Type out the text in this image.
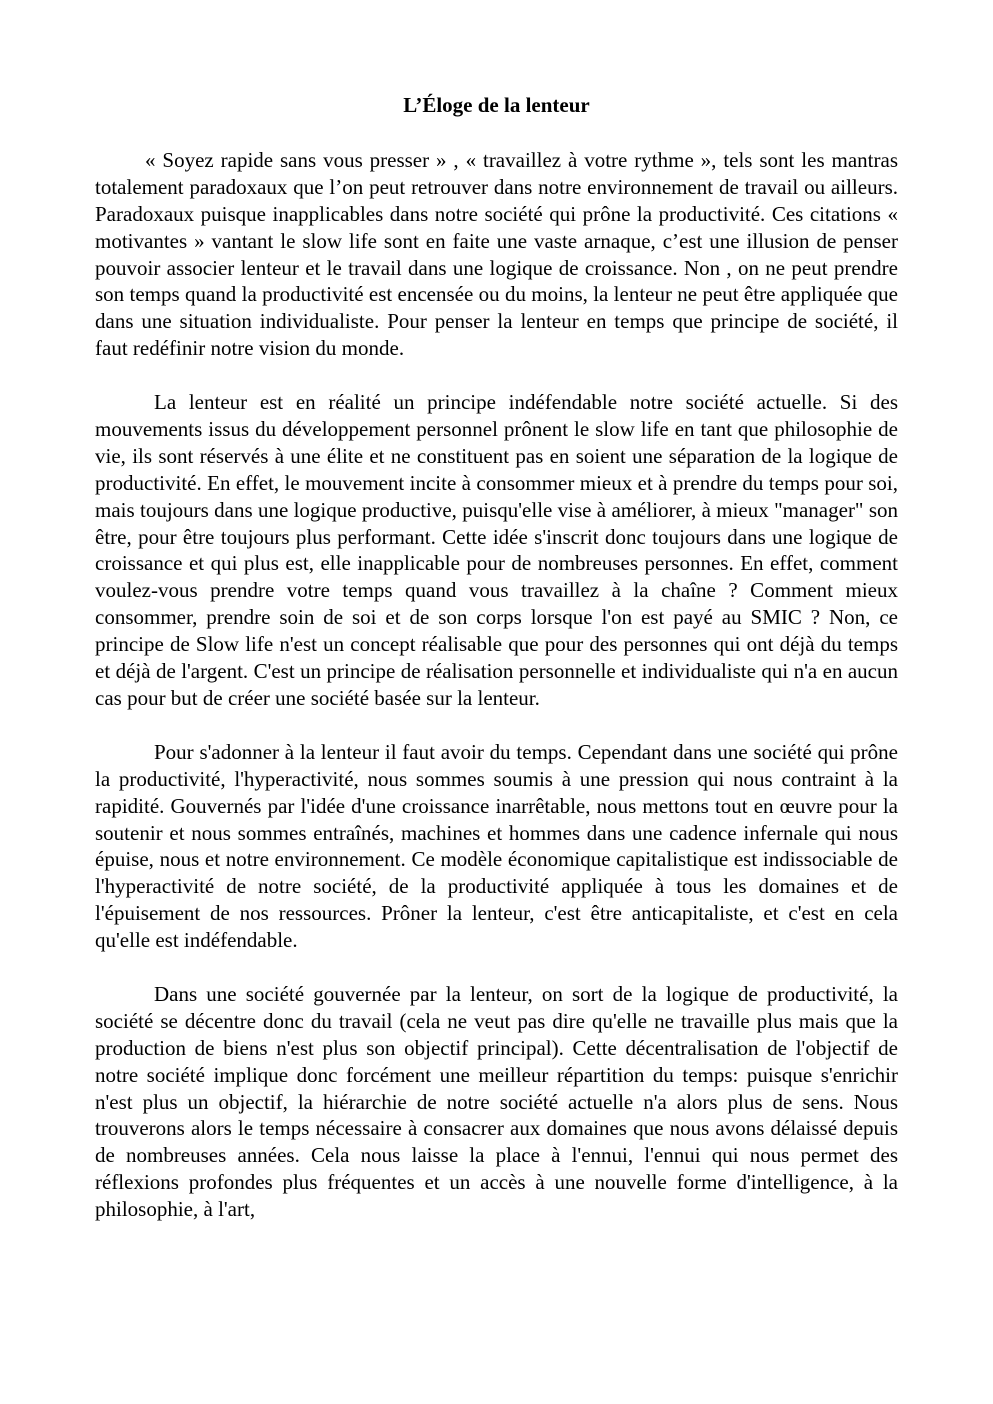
L’Éloge de la lenteur

« Soyez rapide sans vous presser » , « travaillez à votre rythme », tels sont les mantras totalement paradoxaux que l’on peut retrouver dans notre environnement de travail ou ailleurs. Paradoxaux puisque inapplicables dans notre société qui prône la productivité. Ces citations « motivantes » vantant le slow life sont en faite une vaste arnaque, c’est une illusion de penser pouvoir associer lenteur et le travail dans une logique de croissance. Non , on ne peut prendre son temps quand la productivité est encensée ou du moins, la lenteur ne peut être appliquée que dans une situation individualiste. Pour penser la lenteur en temps que principe de société, il faut redéfinir notre vision du monde.

La lenteur est en réalité un principe indéfendable notre société actuelle. Si des mouvements issus du développement personnel prônent le slow life en tant que philosophie de vie, ils sont réservés à une élite et ne constituent pas en soient une séparation de la logique de productivité. En effet, le mouvement incite à consommer mieux et à prendre du temps pour soi, mais toujours dans une logique productive, puisqu'elle vise à améliorer, à mieux "manager" son être, pour être toujours plus performant. Cette idée s'inscrit donc toujours dans une logique de croissance et qui plus est, elle inapplicable pour de nombreuses personnes. En effet, comment voulez-vous prendre votre temps quand vous travaillez à la chaîne ? Comment mieux consommer, prendre soin de soi et de son corps lorsque l'on est payé au SMIC ? Non, ce principe de Slow life n'est un concept réalisable que pour des personnes qui ont déjà du temps et déjà de l'argent. C'est un principe de réalisation personnelle et individualiste qui n'a en aucun cas pour but de créer une société basée sur la lenteur.

Pour s'adonner à la lenteur il faut avoir du temps. Cependant dans une société qui prône la productivité, l'hyperactivité, nous sommes soumis à une pression qui nous contraint à la rapidité. Gouvernés par l'idée d'une croissance inarrêtable, nous mettons tout en œuvre pour la soutenir et nous sommes entraînés, machines et hommes dans une cadence infernale qui nous épuise, nous et notre environnement. Ce modèle économique capitalistique est indissociable de l'hyperactivité de notre société, de la productivité appliquée à tous les domaines et de l'épuisement de nos ressources. Prôner la lenteur, c'est être anticapitaliste, et c'est en cela qu'elle est indéfendable.

Dans une société gouvernée par la lenteur, on sort de la logique de productivité, la société se décentre donc du travail (cela ne veut pas dire qu'elle ne travaille plus mais que la production de biens n'est plus son objectif principal). Cette décentralisation de l'objectif de notre société implique donc forcément une meilleur répartition du temps: puisque s'enrichir n'est plus un objectif, la hiérarchie de notre société actuelle n'a alors plus de sens. Nous trouverons alors le temps nécessaire à consacrer aux domaines que nous avons délaissé depuis de nombreuses années. Cela nous laisse la place à l'ennui, l'ennui qui nous permet des réflexions profondes plus fréquentes et un accès à une nouvelle forme d'intelligence, à la philosophie, à l'art,
